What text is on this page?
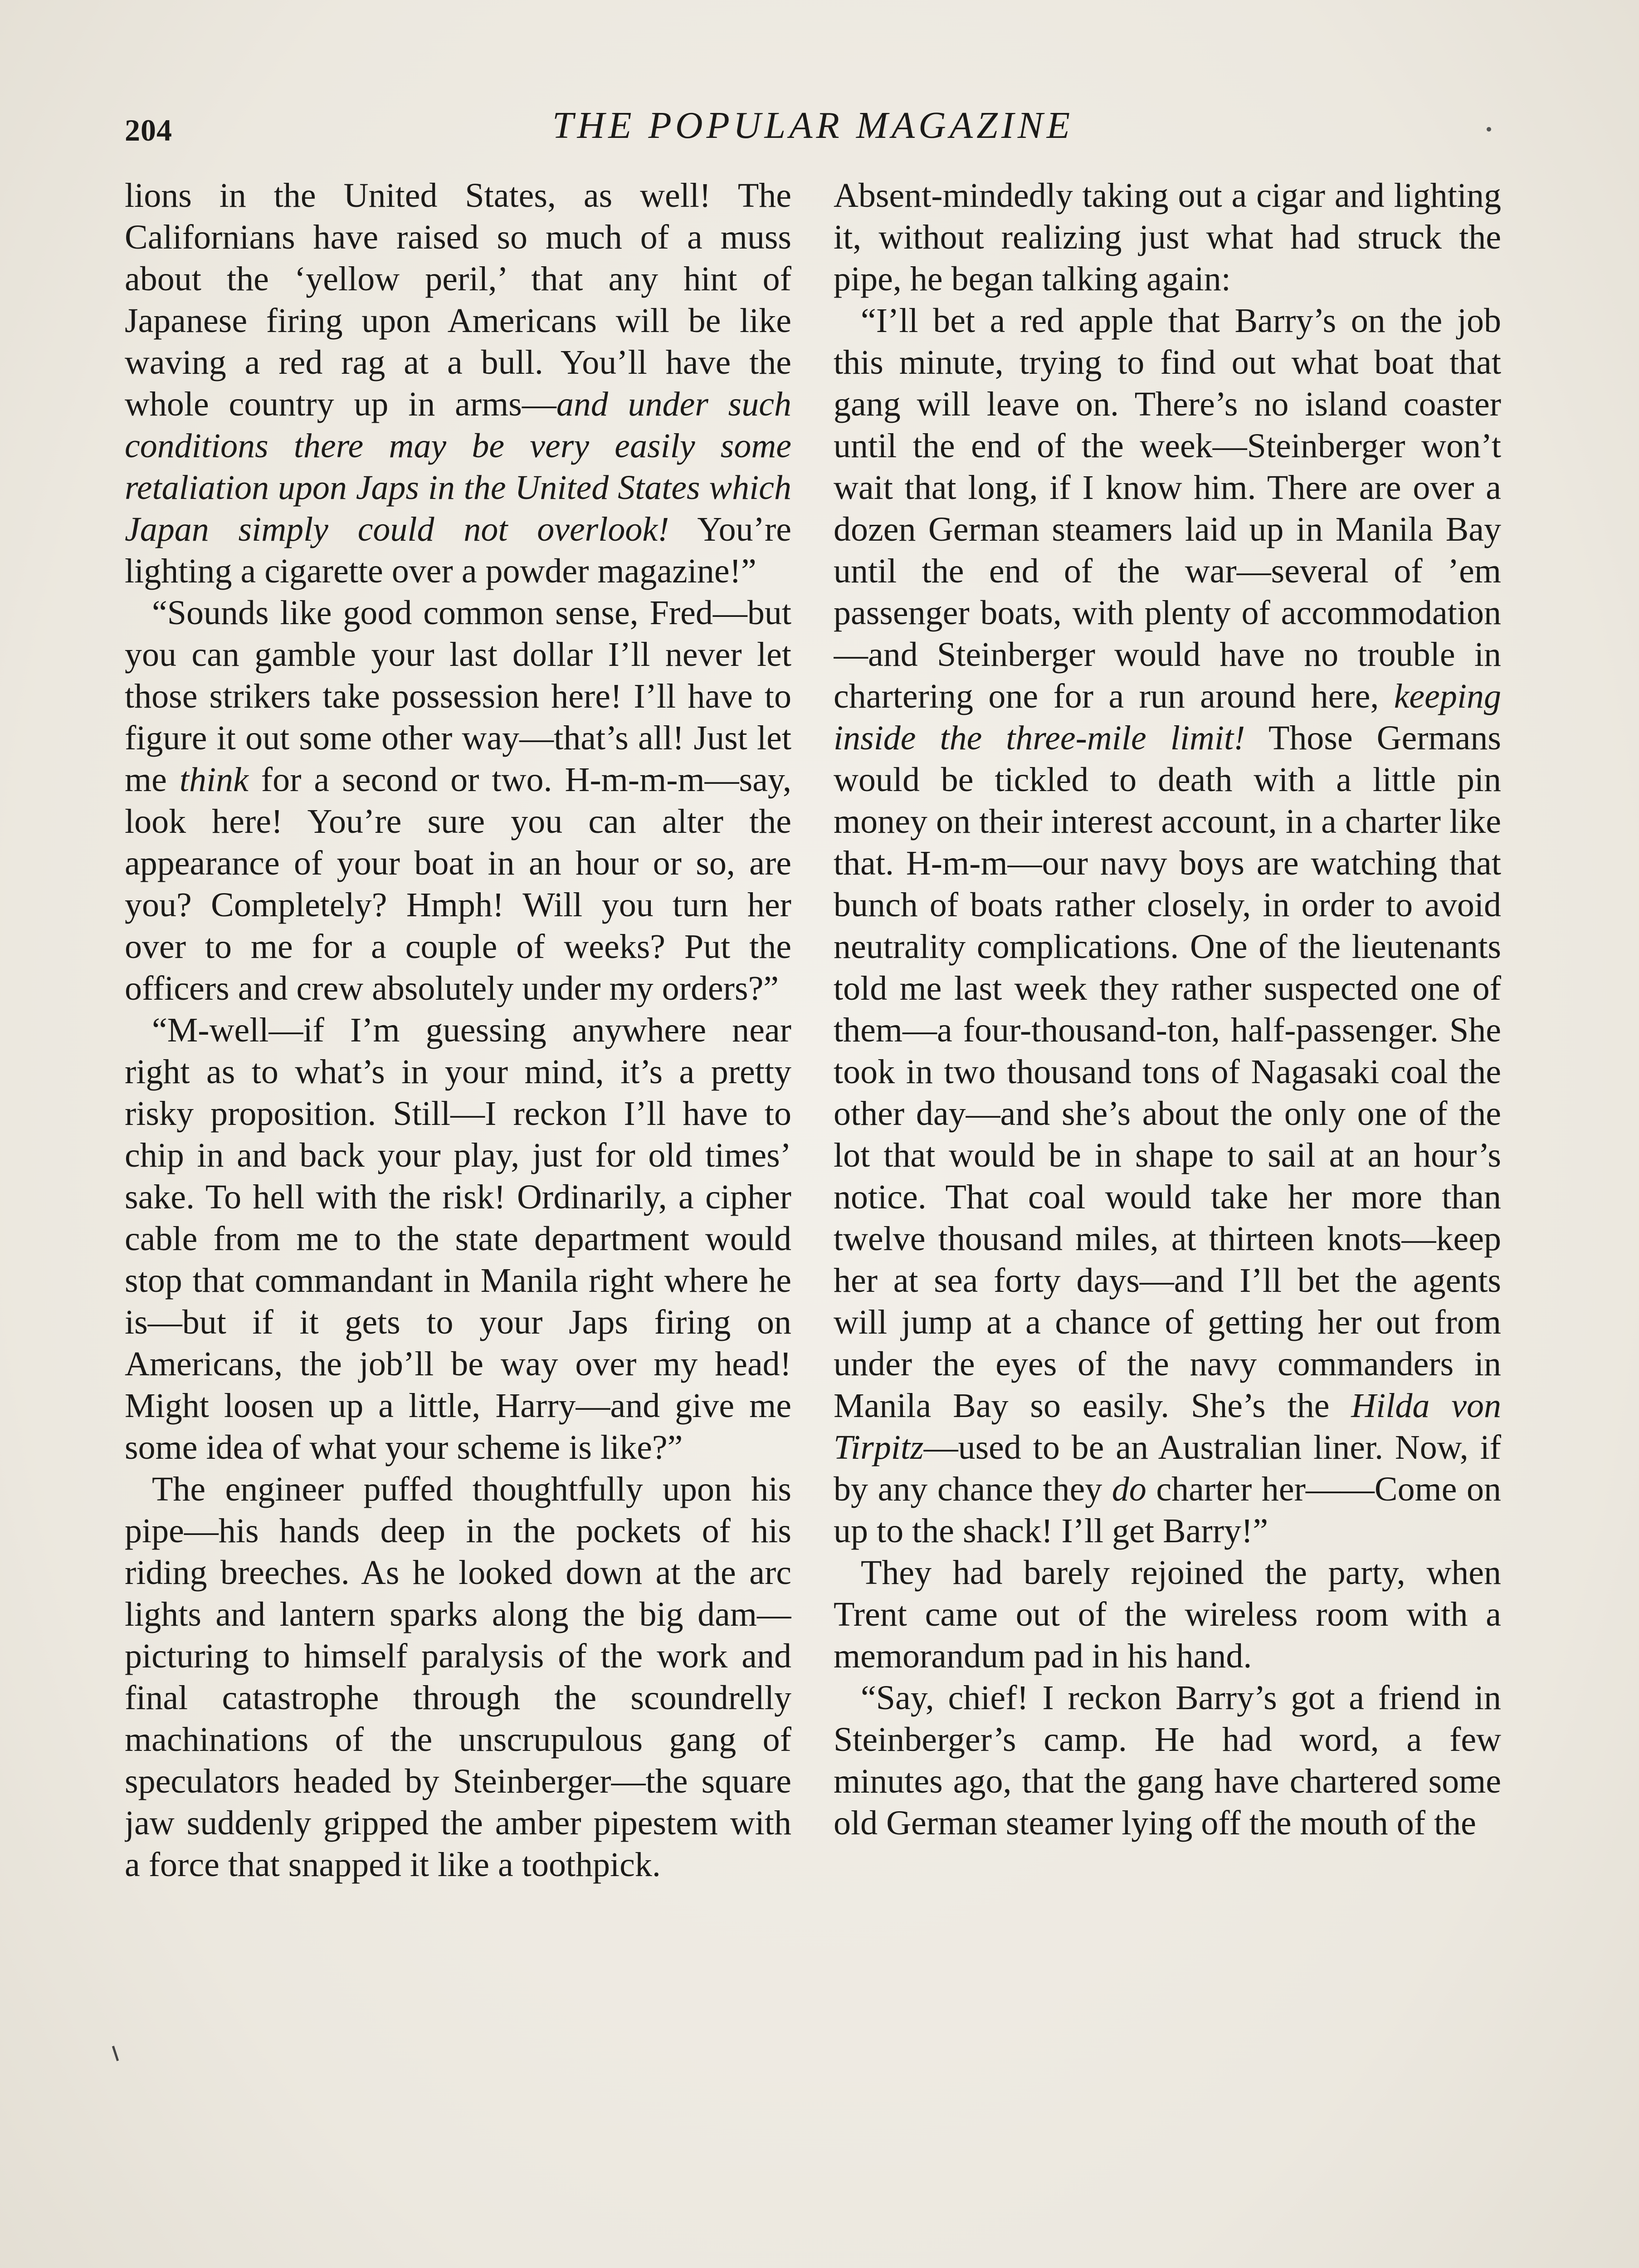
204	THE POPULAR MAGAZINE

lions in the United States, as well! The Californians have raised so much of a muss about the ‘yellow peril,’ that any hint of Japanese firing upon Americans will be like waving a red rag at a bull. You’ll have the whole country up in arms—and under such conditions there may be very easily some retaliation upon Japs in the United States which Japan simply could not overlook! You’re lighting a cigarette over a powder magazine!”

“Sounds like good common sense, Fred—but you can gamble your last dollar I’ll never let those strikers take possession here! I’ll have to figure it out some other way—that’s all! Just let me think for a second or two. H-m-m-m—say, look here! You’re sure you can alter the appearance of your boat in an hour or so, are you? Completely? Hmph! Will you turn her over to me for a couple of weeks? Put the officers and crew absolutely under my orders?”

“M-well—if I’m guessing anywhere near right as to what’s in your mind, it’s a pretty risky proposition. Still—I reckon I’ll have to chip in and back your play, just for old times’ sake. To hell with the risk! Ordinarily, a cipher cable from me to the state department would stop that commandant in Manila right where he is—but if it gets to your Japs firing on Americans, the job’ll be way over my head! Might loosen up a little, Harry—and give me some idea of what your scheme is like?”

The engineer puffed thoughtfully upon his pipe—his hands deep in the pockets of his riding breeches. As he looked down at the arc lights and lantern sparks along the big dam—picturing to himself paralysis of the work and final catastrophe through the scoundrelly machinations of the unscrupulous gang of speculators headed by Steinberger—the square jaw suddenly gripped the amber pipestem with a force that snapped it like a toothpick.

Absent-mindedly taking out a cigar and lighting it, without realizing just what had struck the pipe, he began talking again:

“I’ll bet a red apple that Barry’s on the job this minute, trying to find out what boat that gang will leave on. There’s no island coaster until the end of the week—Steinberger won’t wait that long, if I know him. There are over a dozen German steamers laid up in Manila Bay until the end of the war—several of ’em passenger boats, with plenty of accommodation—and Steinberger would have no trouble in chartering one for a run around here, keeping inside the three-mile limit! Those Germans would be tickled to death with a little pin money on their interest account, in a charter like that. H-m-m—our navy boys are watching that bunch of boats rather closely, in order to avoid neutrality complications. One of the lieutenants told me last week they rather suspected one of them—a four-thousand-ton, half-passenger. She took in two thousand tons of Nagasaki coal the other day—and she’s about the only one of the lot that would be in shape to sail at an hour’s notice. That coal would take her more than twelve thousand miles, at thirteen knots—keep her at sea forty days—and I’ll bet the agents will jump at a chance of getting her out from under the eyes of the navy commanders in Manila Bay so easily. She’s the Hilda von Tirpitz—used to be an Australian liner. Now, if by any chance they do charter her——Come on up to the shack! I’ll get Barry!”

They had barely rejoined the party, when Trent came out of the wireless room with a memorandum pad in his hand.

“Say, chief! I reckon Barry’s got a friend in Steinberger’s camp. He had word, a few minutes ago, that the gang have chartered some old German steamer lying off the mouth of the
